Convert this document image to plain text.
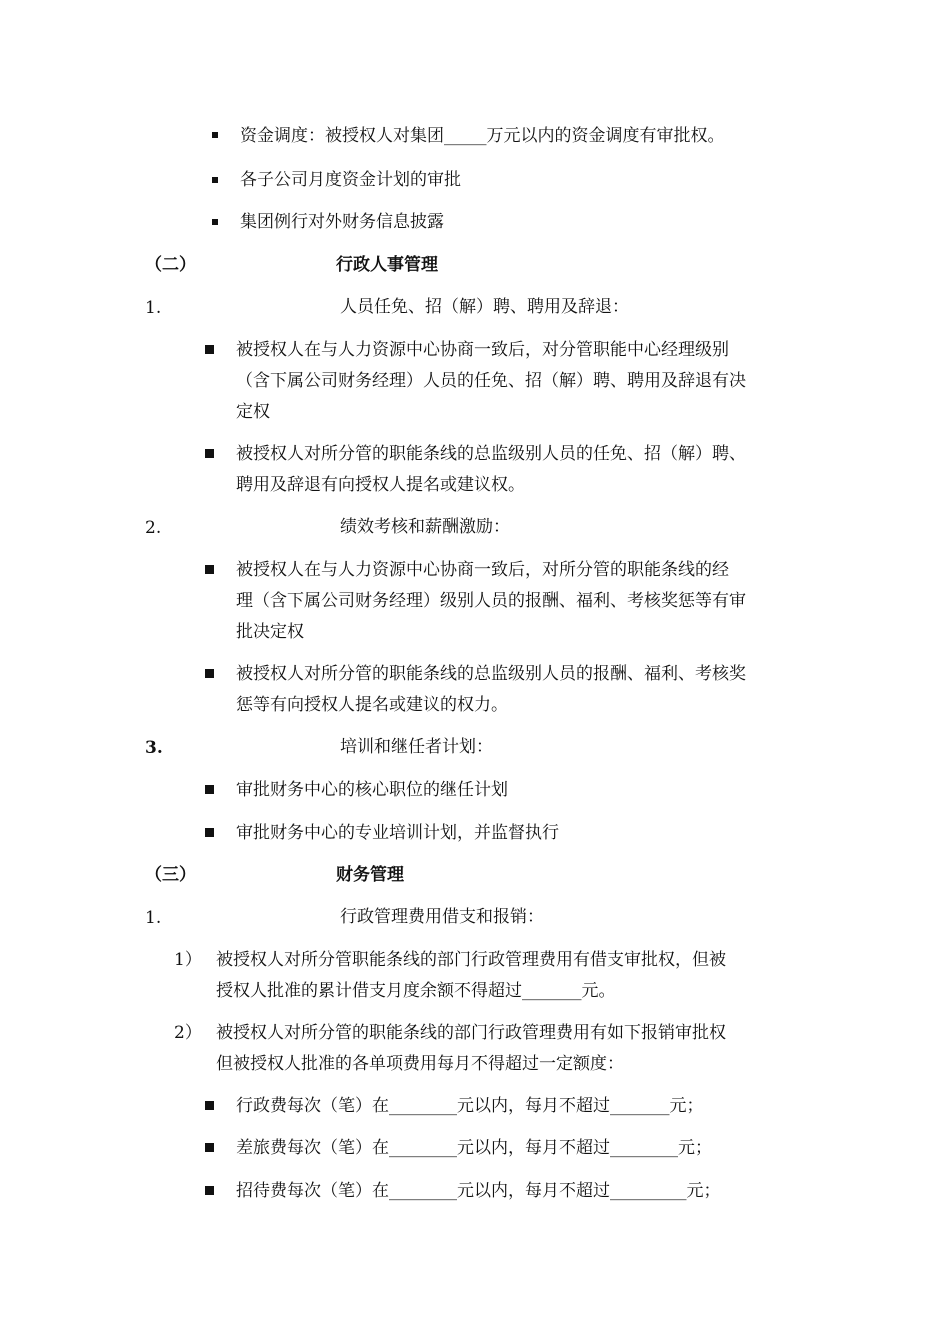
资金调度：被授权人对集团_____万元以内的资金调度有审批权。
各子公司月度资金计划的审批
集团例行对外财务信息披露
（二）	行政人事管理
1.	人员任免、招（解）聘、聘用及辞退：
被授权人在与人力资源中心协商一致后，对分管职能中心经理级别
（含下属公司财务经理）人员的任免、招（解）聘、聘用及辞退有决
定权
被授权人对所分管的职能条线的总监级别人员的任免、招（解）聘、
聘用及辞退有向授权人提名或建议权。
2.	绩效考核和薪酬激励：
被授权人在与人力资源中心协商一致后，对所分管的职能条线的经
理（含下属公司财务经理）级别人员的报酬、福利、考核奖惩等有审
批决定权
被授权人对所分管的职能条线的总监级别人员的报酬、福利、考核奖
惩等有向授权人提名或建议的权力。
3.	培训和继任者计划：
审批财务中心的核心职位的继任计划
审批财务中心的专业培训计划，并监督执行
（三）	财务管理
1.	行政管理费用借支和报销：
1） 被授权人对所分管职能条线的部门行政管理费用有借支审批权，但被
授权人批准的累计借支月度余额不得超过_______元。
2） 被授权人对所分管的职能条线的部门行政管理费用有如下报销审批权
但被授权人批准的各单项费用每月不得超过一定额度：
行政费每次（笔）在________元以内，每月不超过_______元；
差旅费每次（笔）在________元以内，每月不超过________元；
招待费每次（笔）在________元以内，每月不超过_________元；
